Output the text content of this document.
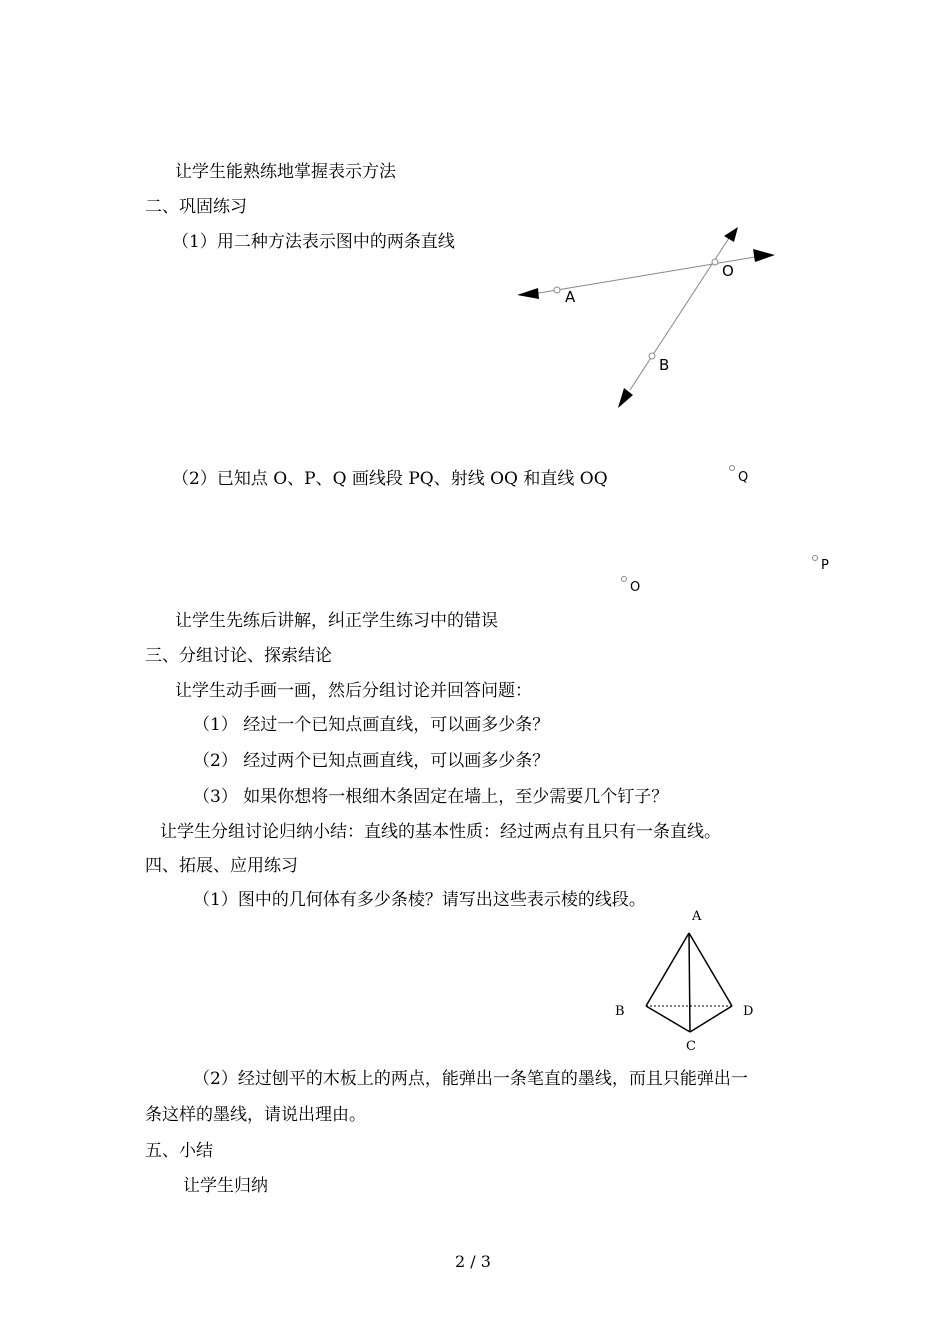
让学生能熟练地掌握表示方法
二、巩固练习
（1）用二种方法表示图中的两条直线
（2）已知点 O、P、Q 画线段 PQ、射线 OQ 和直线 OQ
让学生先练后讲解，纠正学生练习中的错误
三、分组讨论、探索结论
让学生动手画一画，然后分组讨论并回答问题：
（1） 经过一个已知点画直线，可以画多少条？
（2） 经过两个已知点画直线，可以画多少条？
（3） 如果你想将一根细木条固定在墙上，至少需要几个钉子？
让学生分组讨论归纳小结：直线的基本性质：经过两点有且只有一条直线。
四、拓展、应用练习
（1）图中的几何体有多少条棱？请写出这些表示棱的线段。
（2）经过刨平的木板上的两点，能弹出一条笔直的墨线，而且只能弹出一
条这样的墨线，请说出理由。
五、小结
让学生归纳
O
A
B
Q
P
O
A
B
C
D
2 / 3
